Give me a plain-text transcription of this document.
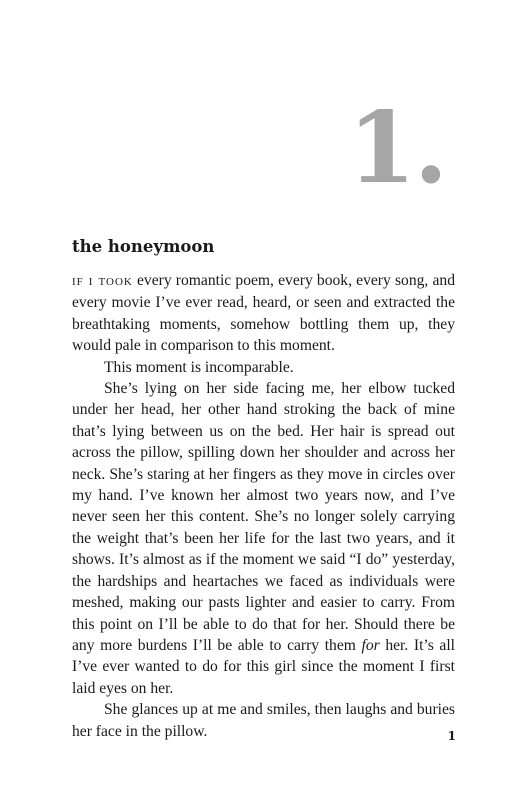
1.
the honeymoon

if i took every romantic poem, every book, every song, and every movie I’ve ever read, heard, or seen and extracted the breathtaking moments, somehow bottling them up, they would pale in comparison to this moment.

This moment is incomparable.

She’s lying on her side facing me, her elbow tucked under her head, her other hand stroking the back of mine that’s lying between us on the bed. Her hair is spread out across the pillow, spilling down her shoulder and across her neck. She’s staring at her fingers as they move in circles over my hand. I’ve known her almost two years now, and I’ve never seen her this content. She’s no longer solely carrying the weight that’s been her life for the last two years, and it shows. It’s almost as if the moment we said “I do” yesterday, the hardships and heartaches we faced as individuals were meshed, making our pasts lighter and easier to carry. From this point on I’ll be able to do that for her. Should there be any more burdens I’ll be able to carry them for her. It’s all I’ve ever wanted to do for this girl since the moment I first laid eyes on her.

She glances up at me and smiles, then laughs and buries her face in the pillow.	1
